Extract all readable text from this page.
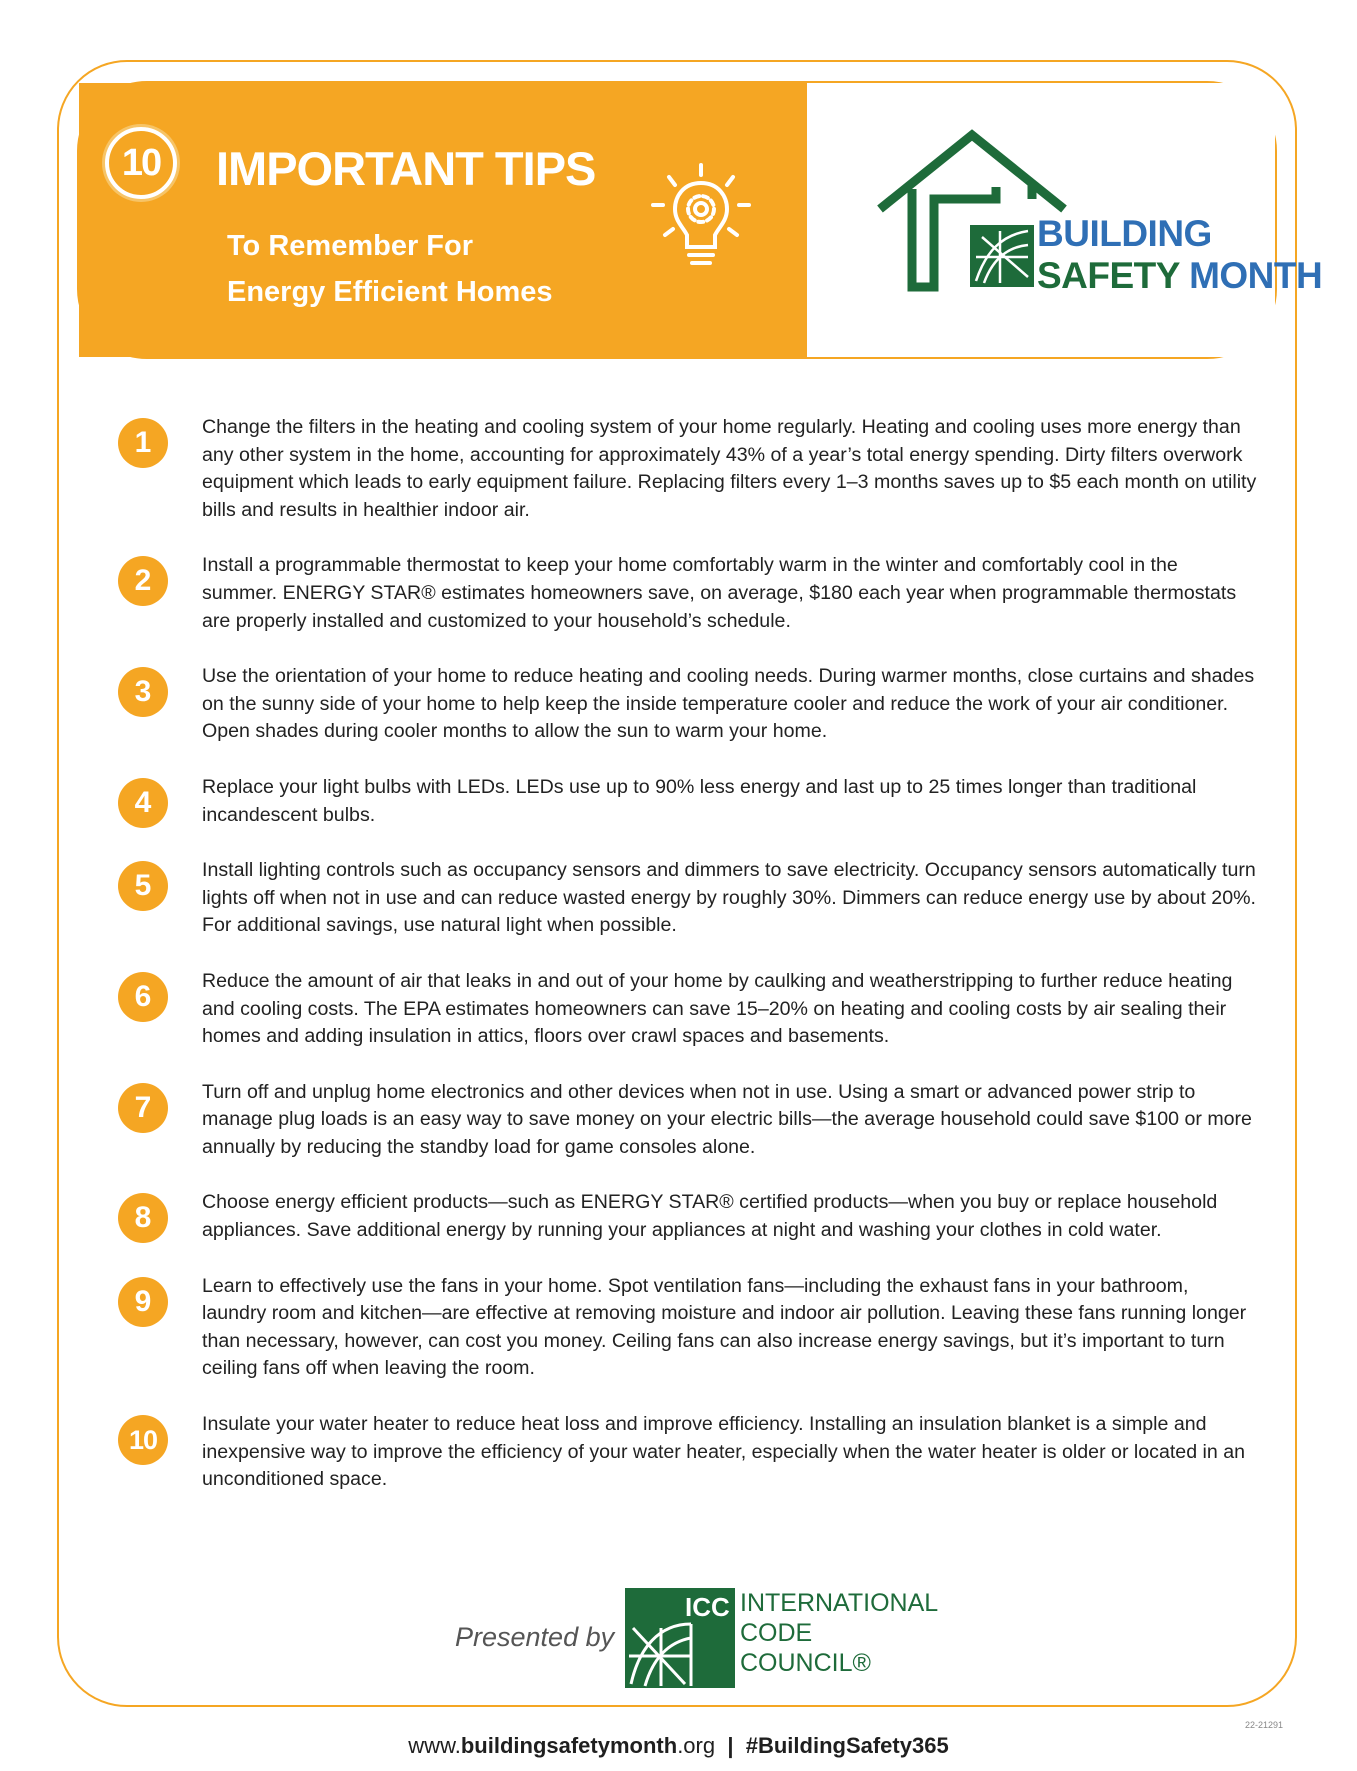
10	IMPORTANT TIPS
To Remember For
Energy Efficient Homes
BUILDING
SAFETY MONTH
1	Change the filters in the heating and cooling system of your home regularly. Heating and cooling uses more energy than any other system in the home, accounting for approximately 43% of a year’s total energy spending. Dirty filters overwork equipment which leads to early equipment failure. Replacing filters every 1–3 months saves up to $5 each month on utility bills and results in healthier indoor air.
2	Install a programmable thermostat to keep your home comfortably warm in the winter and comfortably cool in the summer. ENERGY STAR® estimates homeowners save, on average, $180 each year when programmable thermostats are properly installed and customized to your household’s schedule.
3	Use the orientation of your home to reduce heating and cooling needs. During warmer months, close curtains and shades on the sunny side of your home to help keep the inside temperature cooler and reduce the work of your air conditioner. Open shades during cooler months to allow the sun to warm your home.
4	Replace your light bulbs with LEDs. LEDs use up to 90% less energy and last up to 25 times longer than traditional incandescent bulbs.
5	Install lighting controls such as occupancy sensors and dimmers to save electricity. Occupancy sensors automatically turn lights off when not in use and can reduce wasted energy by roughly 30%. Dimmers can reduce energy use by about 20%. For additional savings, use natural light when possible.
6	Reduce the amount of air that leaks in and out of your home by caulking and weatherstripping to further reduce heating and cooling costs. The EPA estimates homeowners can save 15–20% on heating and cooling costs by air sealing their homes and adding insulation in attics, floors over crawl spaces and basements.
7	Turn off and unplug home electronics and other devices when not in use. Using a smart or advanced power strip to manage plug loads is an easy way to save money on your electric bills—the average household could save $100 or more annually by reducing the standby load for game consoles alone.
8	Choose energy efficient products—such as ENERGY STAR® certified products—when you buy or replace household appliances. Save additional energy by running your appliances at night and washing your clothes in cold water.
9	Learn to effectively use the fans in your home. Spot ventilation fans—including the exhaust fans in your bathroom, laundry room and kitchen—are effective at removing moisture and indoor air pollution. Leaving these fans running longer than necessary, however, can cost you money. Ceiling fans can also increase energy savings, but it’s important to turn ceiling fans off when leaving the room.
10
Insulate your water heater to reduce heat loss and improve efficiency. Installing an insulation blanket is a simple and inexpensive way to improve the efficiency of your water heater, especially when the water heater is older or located in an unconditioned space.
Presented by
ICC INTERNATIONAL
CODE
COUNCIL®
22-21291
www.buildingsafetymonth.org | #BuildingSafety365
